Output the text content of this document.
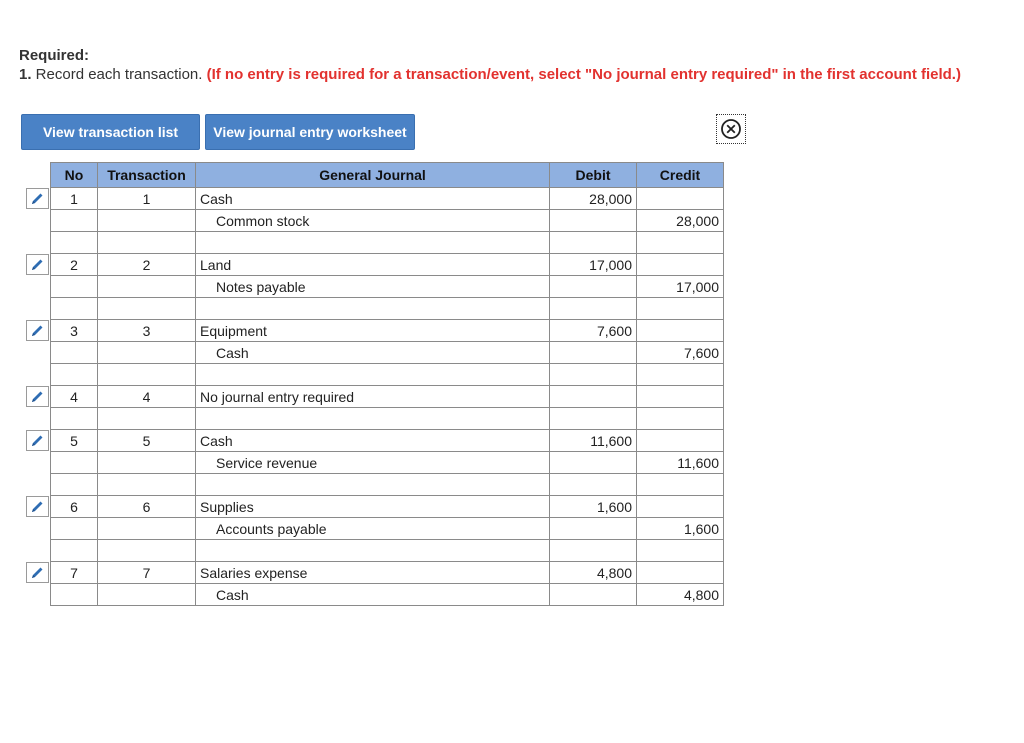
Required:
1. Record each transaction. (If no entry is required for a transaction/event, select "No journal entry required" in the first account field.)
View transaction list	View journal entry worksheet
No	Transaction	General Journal	Debit	Credit
1	1	Cash	28,000	
		Common stock		28,000

2	2	Land	17,000	
		Notes payable		17,000

3	3	Equipment	7,600	
		Cash		7,600

4	4	No journal entry required		

5	5	Cash	11,600	
		Service revenue		11,600

6	6	Supplies	1,600	
		Accounts payable		1,600

7	7	Salaries expense	4,800	
		Cash		4,800
